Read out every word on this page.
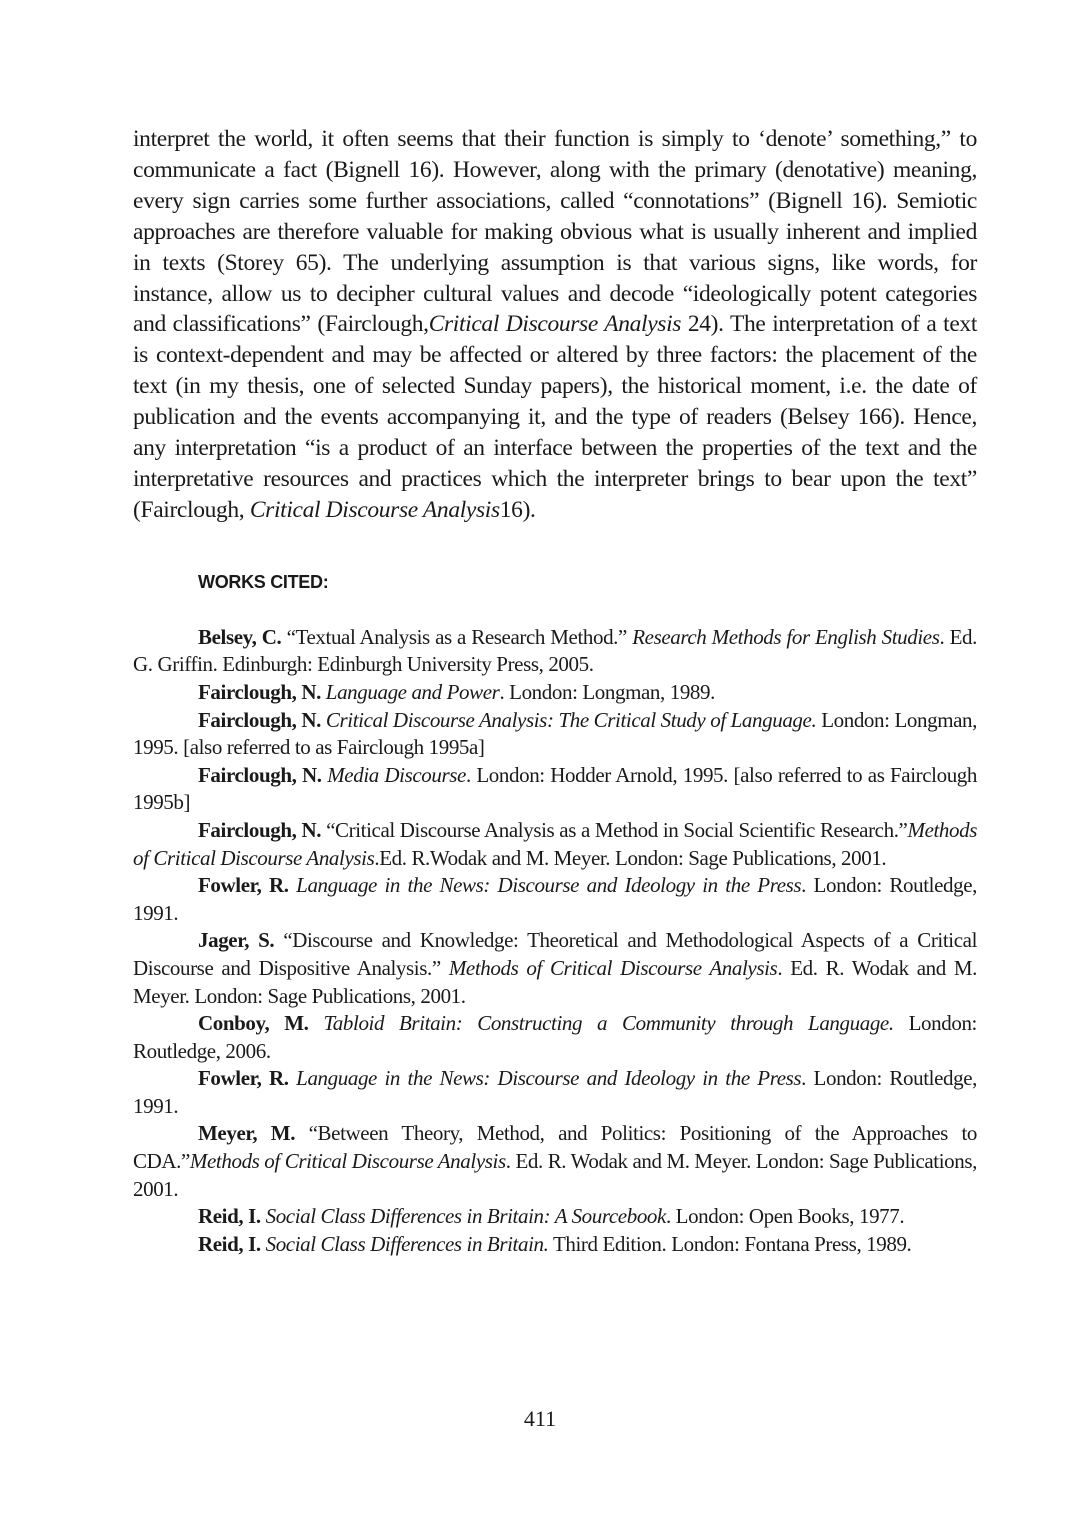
interpret the world, it often seems that their function is simply to ‘denote’ something,” to communicate a fact (Bignell 16). However, along with the primary (denotative) meaning, every sign carries some further associations, called “connotations” (Bignell 16). Semiotic approaches are therefore valuable for making obvious what is usually inherent and implied in texts (Storey 65). The underlying assumption is that various signs, like words, for instance, allow us to decipher cultural values and decode “ideologically potent categories and classifications” (Fairclough,Critical Discourse Analysis 24). The interpretation of a text is context-dependent and may be affected or altered by three factors: the placement of the text (in my thesis, one of selected Sunday papers), the historical moment, i.e. the date of publication and the events accompanying it, and the type of readers (Belsey 166). Hence, any interpretation “is a product of an interface between the properties of the text and the interpretative resources and practices which the interpreter brings to bear upon the text” (Fairclough, Critical Discourse Analysis16).

WORKS CITED:

Belsey, C. “Textual Analysis as a Research Method.” Research Methods for English Studies. Ed. G. Griffin. Edinburgh: Edinburgh University Press, 2005.

Fairclough, N. Language and Power. London: Longman, 1989.

Fairclough, N. Critical Discourse Analysis: The Critical Study of Language. London: Longman, 1995. [also referred to as Fairclough 1995a]

Fairclough, N. Media Discourse. London: Hodder Arnold, 1995. [also referred to as Fairclough 1995b]

Fairclough, N. “Critical Discourse Analysis as a Method in Social Scientific Research.”Methods of Critical Discourse Analysis.Ed. R.Wodak and M. Meyer. London: Sage Publications, 2001.

Fowler, R. Language in the News: Discourse and Ideology in the Press. London: Routledge, 1991.

Jager, S. “Discourse and Knowledge: Theoretical and Methodological Aspects of a Critical Discourse and Dispositive Analysis.” Methods of Critical Discourse Analysis. Ed. R. Wodak and M. Meyer. London: Sage Publications, 2001.

Conboy, M. Tabloid Britain: Constructing a Community through Language. London: Routledge, 2006.

Fowler, R. Language in the News: Discourse and Ideology in the Press. London: Routledge, 1991.

Meyer, M. “Between Theory, Method, and Politics: Positioning of the Approaches to CDA.”Methods of Critical Discourse Analysis. Ed. R. Wodak and M. Meyer. London: Sage Publications, 2001.

Reid, I. Social Class Differences in Britain: A Sourcebook. London: Open Books, 1977.

Reid, I. Social Class Differences in Britain. Third Edition. London: Fontana Press, 1989.

411
